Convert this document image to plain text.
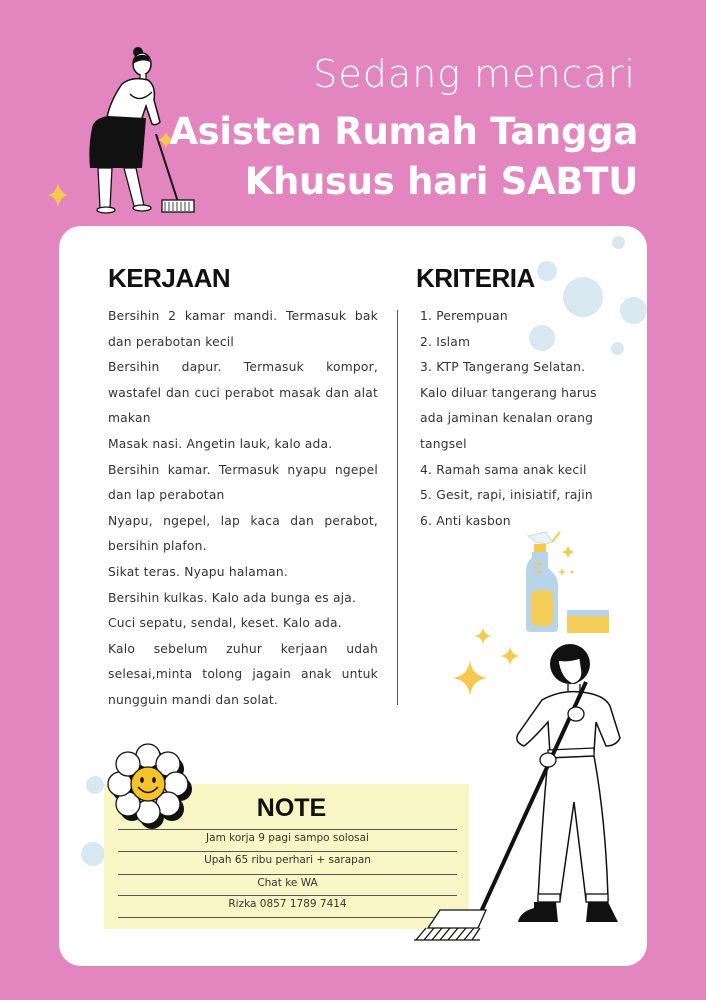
Sedang mencari
Asisten Rumah Tangga
Khusus hari SABTU
KERJAAN

Bersihin 2 kamar mandi. Termasuk bak dan perabotan kecil

Bersihin dapur. Termasuk kompor, wastafel dan cuci perabot masak dan alat makan

Masak nasi. Angetin lauk, kalo ada.

Bersihin kamar. Termasuk nyapu ngepel dan lap perabotan

Nyapu, ngepel, lap kaca dan perabot, bersihin plafon.

Sikat teras. Nyapu halaman.

Bersihin kulkas. Kalo ada bunga es aja.

Cuci sepatu, sendal, keset. Kalo ada.

Kalo sebelum zuhur kerjaan udah selesai,minta tolong jagain anak untuk nungguin mandi dan solat.

KRITERIA

1. Perempuan

2. Islam

3. KTP Tangerang Selatan. Kalo diluar tangerang harus ada jaminan kenalan orang tangsel

4. Ramah sama anak kecil

5. Gesit, rapi, inisiatif, rajin

6. Anti kasbon

NOTE
Jam korja 9 pagi sampo solosai
Upah 65 ribu perhari + sarapan
Chat ke WA
Rizka 0857 1789 7414
